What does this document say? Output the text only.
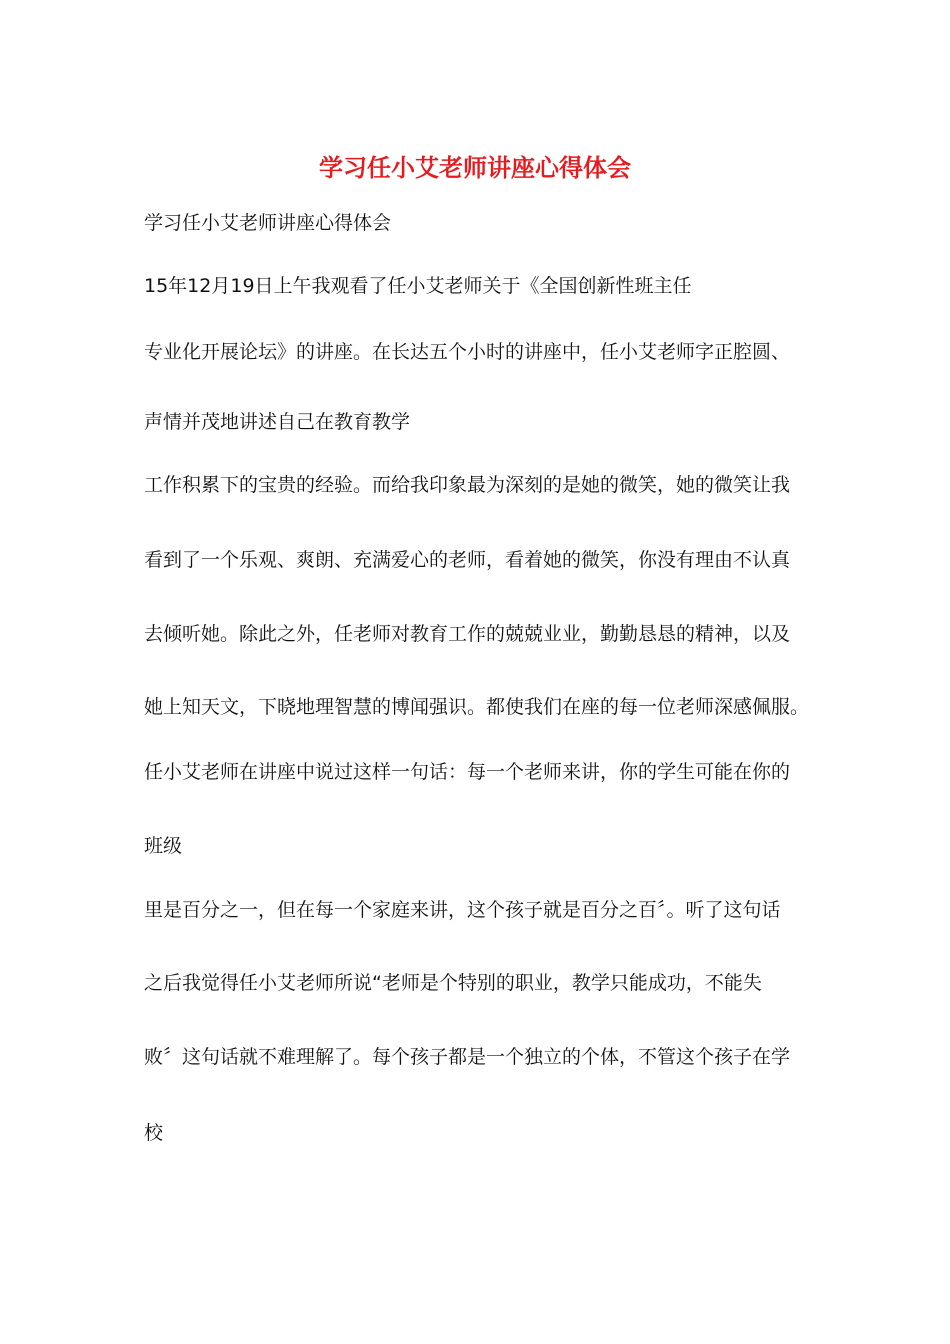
学习任小艾老师讲座心得体会

学习任小艾老师讲座心得体会

15年12月19日上午我观看了任小艾老师关于《全国创新性班主任

专业化开展论坛》的讲座。在长达五个小时的讲座中，任小艾老师字正腔圆、

声情并茂地讲述自己在教育教学

工作积累下的宝贵的经验。而给我印象最为深刻的是她的微笑，她的微笑让我

看到了一个乐观、爽朗、充满爱心的老师，看着她的微笑，你没有理由不认真

去倾听她。除此之外，任老师对教育工作的兢兢业业，勤勤恳恳的精神，以及

她上知天文，下晓地理智慧的博闻强识。都使我们在座的每一位老师深感佩服。

任小艾老师在讲座中说过这样一句话：每一个老师来讲，你的学生可能在你的

班级

里是百分之一，但在每一个家庭来讲，这个孩子就是百分之百〞。听了这句话

之后我觉得任小艾老师所说“老师是个特别的职业，教学只能成功，不能失

败〞这句话就不难理解了。每个孩子都是一个独立的个体，不管这个孩子在学

校
